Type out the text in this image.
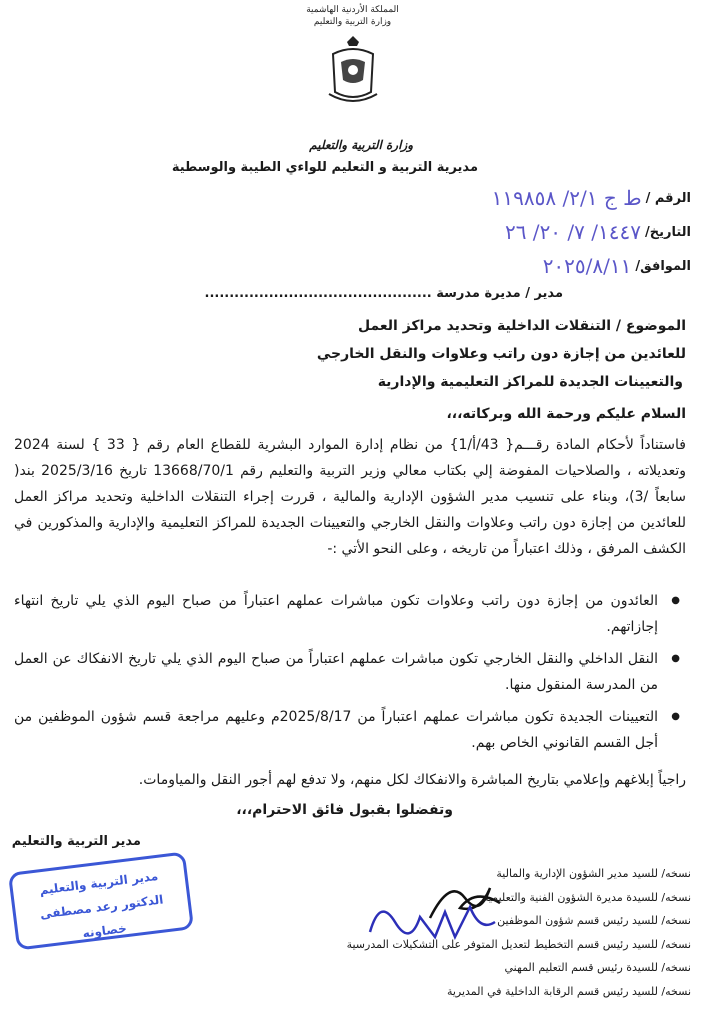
ﺍﻟﻤﻤﻠﻜﺔ ﺍﻷﺭﺩﻧﻴﺔ ﺍﻟﻬﺎﺷﻤﻴﺔ
ﻭﺯﺍﺭﺓ ﺍﻟﺘﺮﺑﻴﺔ ﻭﺍﻟﺘﻌﻠﻴﻢ
وزارة التربية والتعليم
مديرية التربية و التعليم للواءي الطيبة والوسطية
الرقم /
ط ج ٢/١/ ١١٩٨٥٨
التاريخ/
١٤٤٧/ ٧/ ٢٠/ ٢٦
الموافق/
٢٠٢٥/٨/١١
مدير / مديرة مدرسة ..............................................
الموضوع / التنقلات الداخلية وتحديد مراكز العمل
للعائدين من إجازة دون راتب وعلاوات والنقل الخارجي
والتعيينات الجديدة للمراكز التعليمية والإدارية
السلام عليكم ورحمة الله وبركاته،،،
فاستناداً لأحكام المادة رقـــم{ 43/أ/1} من نظام إدارة الموارد البشرية للقطاع العام رقم { 33 } لسنة 2024 وتعديلاته ، والصلاحيات المفوضة إلي بكتاب معالي وزير التربية والتعليم رقم 13668/70/1 تاريخ 2025/3/16 بند( سابعاً /3)، وبناء على تنسيب مدير الشؤون الإدارية والمالية ، قررت إجراء التنقلات الداخلية وتحديد مراكز العمل للعائدين من إجازة دون راتب وعلاوات والنقل الخارجي والتعيينات الجديدة للمراكز التعليمية والإدارية والمذكورين في الكشف المرفق ، وذلك اعتباراً من تاريخه ، وعلى النحو الأتي :-
● العائدون من إجازة دون راتب وعلاوات تكون مباشرات عملهم اعتباراً من صباح اليوم الذي يلي تاريخ انتهاء إجازاتهم.
● النقل الداخلي والنقل الخارجي تكون مباشرات عملهم اعتباراً من صباح اليوم الذي يلي تاريخ الانفكاك عن العمل من المدرسة المنقول منها.
● التعيينات الجديدة تكون مباشرات عملهم اعتباراً من 2025/8/17م وعليهم مراجعة قسم شؤون الموظفين من أجل القسم القانوني الخاص بهم.
راجياً إبلاغهم وإعلامي بتاريخ المباشرة والانفكاك لكل منهم، ولا تدفع لهم أجور النقل والمياومات.
وتفضلوا بقبول فائق الاحترام،،،
مدير التربية والتعليم
مدير التربية والتعليم
الدكتور رعد مصطفى خصاونه
نسخه/ للسيد مدير الشؤون الإدارية والمالية
نسخه/ للسيدة مديرة الشؤون الفنية والتعليمية
نسخه/ للسيد رئيس قسم شؤون الموظفين
نسخه/ للسيد رئيس قسم التخطيط لتعديل المتوفر على التشكيلات المدرسية
نسخه/ للسيدة رئيس قسم التعليم المهني
نسخه/ للسيد رئيس قسم الرقابة الداخلية في المديرية
